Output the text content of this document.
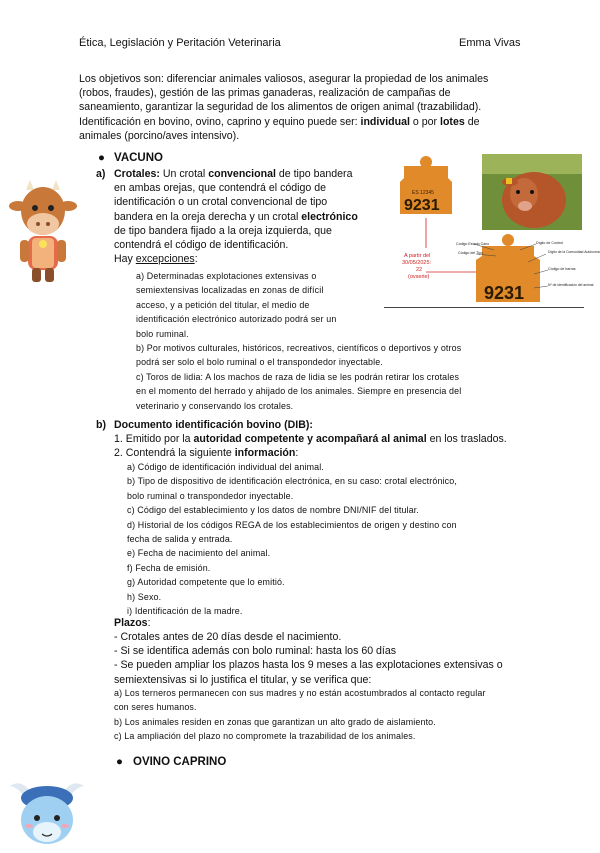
Ética, Legislación y Peritación Veterinaria	Emma Vivas
Los objetivos son: diferenciar animales valiosos, asegurar la propiedad de los animales
(robos, fraudes), gestión de las primas ganaderas, realización de campañas de
saneamiento, garantizar la seguridad de los alimentos de origen animal (trazabilidad).
Identificación en bovino, ovino, caprino y equino puede ser: individual o por lotes de
animales (porcino/aves intensivo).
● VACUNO
a) Crotales: Un crotal convencional de tipo bandera
en ambas orejas, que contendrá el código de
identificación o un crotal convencional de tipo
bandera en la oreja derecha y un crotal electrónico
de tipo bandera fijado a la oreja izquierda, que
contendrá el código de identificación.
Hay excepciones:
a) Determinadas explotaciones extensivas o
semiextensivas localizadas en zonas de difícil
acceso, y a petición del titular, el medio de
identificación electrónico autorizado podrá ser un
bolo ruminal.
b) Por motivos culturales, históricos, recreativos, científicos o deportivos y otros
podrá ser solo el bolo ruminal o el transpondedor inyectable.
c) Toros de lidia: A los machos de raza de lidia se les podrán retirar los crotales
en el momento del herrado y ahijado de los animales. Siempre en presencia del
veterinario y conservando los crotales.
ES 12345
9231
9231
Código Estado Cano
Código del Tipo
Dígito de Control
Dígito de la Comunidad Autónoma
Código de barras
Nº de identificación del animal
A partir del
30/05/2025:
22
(ovserie)
b) Documento identificación bovino (DIB):
1. Emitido por la autoridad competente y acompañará al animal en los traslados.
2. Contendrá la siguiente información:
a) Código de identificación individual del animal.
b) Tipo de dispositivo de identificación electrónica, en su caso: crotal electrónico,
bolo ruminal o transpondedor inyectable.
c) Código del establecimiento y los datos de nombre DNI/NIF del titular.
d) Historial de los códigos REGA de los establecimientos de origen y destino con
fecha de salida y entrada.
e) Fecha de nacimiento del animal.
f) Fecha de emisión.
g) Autoridad competente que lo emitió.
h) Sexo.
i) Identificación de la madre.
Plazos:
- Crotales antes de 20 días desde el nacimiento.
- Si se identifica además con bolo ruminal: hasta los 60 días
- Se pueden ampliar los plazos hasta los 9 meses a las explotaciones extensivas o
semiextensivas si lo justifica el titular, y se verifica que:
a) Los terneros permanecen con sus madres y no están acostumbrados al contacto regular
con seres humanos.
b) Los animales residen en zonas que garantizan un alto grado de aislamiento.
c) La ampliación del plazo no compromete la trazabilidad de los animales.
● OVINO CAPRINO
